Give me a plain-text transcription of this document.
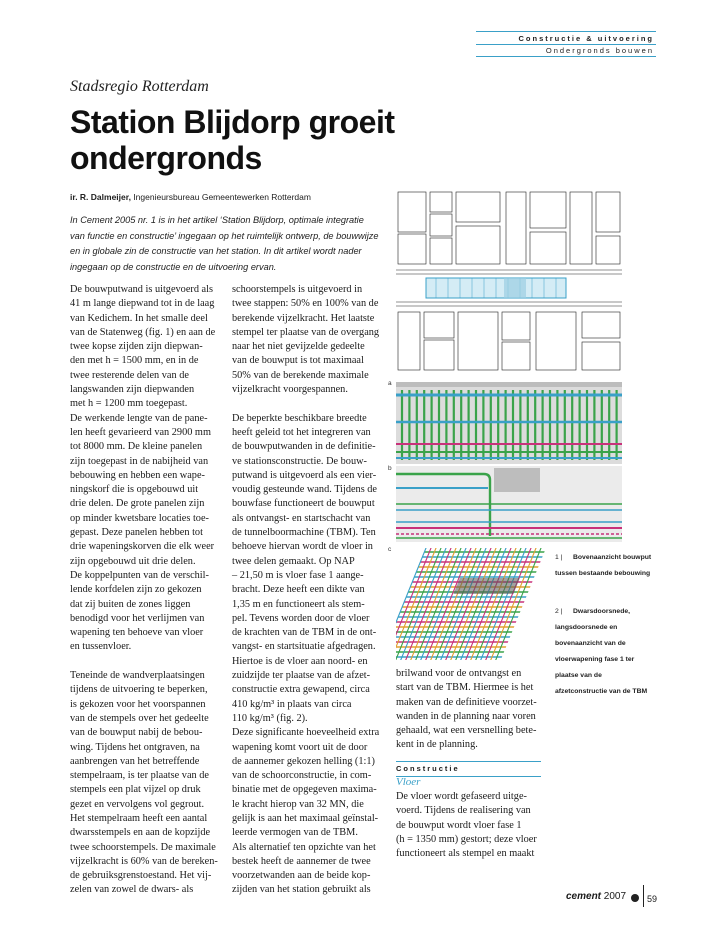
Constructie & uitvoering
Ondergronds bouwen
Stadsregio Rotterdam
Station Blijdorp groeit ondergronds
ir. R. Dalmeijer, Ingenieursbureau Gemeentewerken Rotterdam
In Cement 2005 nr. 1 is in het artikel ‘Station Blijdorp, optimale integratie van functie en constructie’ ingegaan op het ruimtelijk ontwerp, de bouwwijze en in globale zin de constructie van het station. In dit artikel wordt nader ingegaan op de constructie en de uitvoering ervan.

De bouwputwand is uitgevoerd als
41 m lange diepwand tot in de laag
van Kedichem. In het smalle deel
van de Statenweg (fig. 1) en aan de
twee kopse zijden zijn diepwan-
den met h = 1500 mm, en in de
twee resterende delen van de
langswanden zijn diepwanden
met h = 1200 mm toegepast.
De werkende lengte van de pane-
len heeft gevarieerd van 2900 mm
tot 8000 mm. De kleine panelen
zijn toegepast in de nabijheid van
bebouwing en hebben een wape-
ningskorf die is opgebouwd uit
drie delen. De grote panelen zijn
op minder kwetsbare locaties toe-
gepast. Deze panelen hebben tot
drie wapeningskorven die elk weer
zijn opgebouwd uit drie delen.
De koppelpunten van de verschil-
lende korfdelen zijn zo gekozen
dat zij buiten de zones liggen
benodigd voor het verlijmen van
wapening ten behoeve van vloer
en tussenvloer.

Teneinde de wandverplaatsingen
tijdens de uitvoering te beperken,
is gekozen voor het voorspannen
van de stempels over het gedeelte
van de bouwput nabij de bebou-
wing. Tijdens het ontgraven, na
aanbrengen van het betreffende
stempelraam, is ter plaatse van de
stempels een plat vijzel op druk
gezet en vervolgens vol gegrout.
Het stempelraam heeft een aantal
dwarsstempels en aan de kopzijde
twee schoorstempels. De maximale
vijzelkracht is 60% van de bereken-
de gebruiksgrenstoestand. Het vij-
zelen van zowel de dwars- als

schoorstempels is uitgevoerd in
twee stappen: 50% en 100% van de
berekende vijzelkracht. Het laatste
stempel ter plaatse van de overgang
naar het niet gevijzelde gedeelte
van de bouwput is tot maximaal
50% van de berekende maximale
vijzelkracht voorgespannen.

De beperkte beschikbare breedte
heeft geleid tot het integreren van
de bouwputwanden in de definitie-
ve stationsconstructie. De bouw-
putwand is uitgevoerd als een vier-
voudig gesteunde wand. Tijdens de
bouwfase functioneert de bouwput
als ontvangst- en startschacht van
de tunnelboormachine (TBM). Ten
behoeve hiervan wordt de vloer in
twee delen gemaakt. Op NAP
– 21,50 m is vloer fase 1 aange-
bracht. Deze heeft een dikte van
1,35 m en functioneert als stem-
pel. Tevens worden door de vloer
de krachten van de TBM in de ont-
vangst- en startsituatie afgedragen.
Hiertoe is de vloer aan noord- en
zuidzijde ter plaatse van de afzet-
constructie extra gewapend, circa
410 kg/m³ in plaats van circa
110 kg/m³ (fig. 2).
Deze significante hoeveelheid extra
wapening komt voort uit de door
de aannemer gekozen helling (1:1)
van de schoorconstructie, in com-
binatie met de opgegeven maxima-
le kracht hierop van 32 MN, die
gelijk is aan het maximaal geïnstal-
leerde vermogen van de TBM.
Als alternatief ten opzichte van het
bestek heeft de aannemer de twee
voorzetwanden aan de beide kop-
zijden van het station gebruikt als

brilwand voor de ontvangst en
start van de TBM. Hiermee is het
maken van de definitieve voorzet-
wanden in de planning naar voren
gehaald, wat een versnelling bete-
kent in de planning.

Constructie
Vloer

De vloer wordt gefaseerd uitge-
voerd. Tijdens de realisering van
de bouwput wordt vloer fase 1
(h = 1350 mm) gestort; deze vloer
functioneert als stempel en maakt

a
b
c
1 | Bovenaanzicht bouwput tussen bestaande bebouwing
2 | Dwarsdoorsnede, langsdoorsnede en bovenaanzicht van de vloerwapening fase 1 ter plaatse van de afzetconstructie van de TBM
cement 2007 59
